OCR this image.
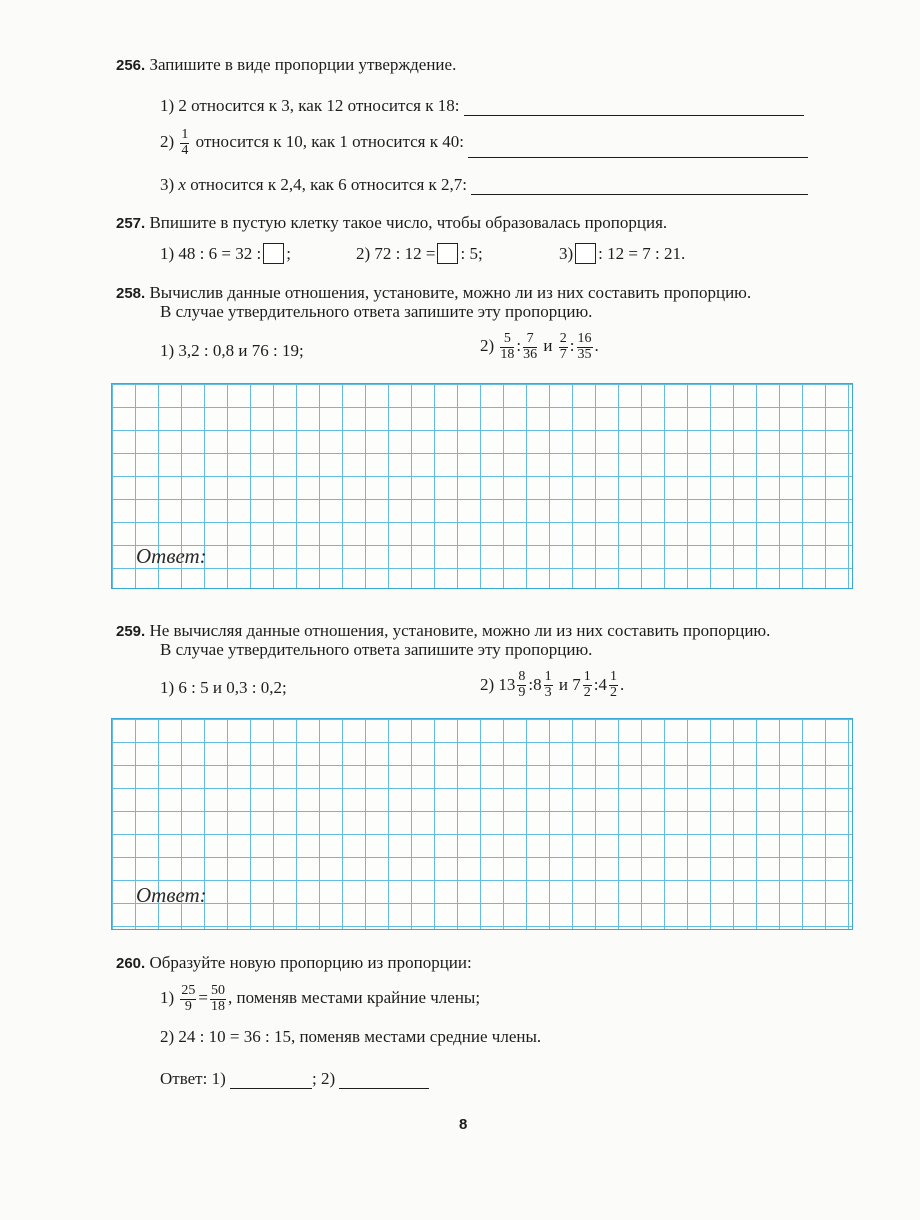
256. Запишите в виде пропорции утверждение.
1) 2 относится к 3, как 12 относится к 18:
$2) \frac{1}{4}$ относится к 10, как 1 относится к 40:
3) x относится к 2,4, как 6 относится к 2,7:
257. Впишите в пустую клетку такое число, чтобы образовалась пропорция.
1) 48 : 6 = 32 : ;	2) 72 : 12 = : 5;	3) : 12 = 7 : 21.
258. Вычислив данные отношения, установите, можно ли из них составить пропорцию.
В случае утвердительного ответа запишите эту пропорцию.
1) 3,2 : 0,8 и 76 : 19;	$2) \frac{5}{18}$ : $\frac{7}{36}$ и $\frac{2}{7}$ : $\frac{16}{35}$ .
Ответ:
259. Не вычисляя данные отношения, установите, можно ли из них составить пропорцию.
В случае утвердительного ответа запишите эту пропорцию.
1) 6 : 5 и 0,3 : 0,2;	2) $13 \frac{8}{9}$ : $8 \frac{1}{3}$ и $7 \frac{1}{2}$ : $4 \frac{1}{2}$ .
Ответ:
260. Образуйте новую пропорцию из пропорции:
$1) \frac{25}{9} = \frac{50}{18}$ , поменяв местами крайние члены;
2) 24 : 10 = 36 : 15, поменяв местами средние члены.
Ответ: 1)	; 2)
8
